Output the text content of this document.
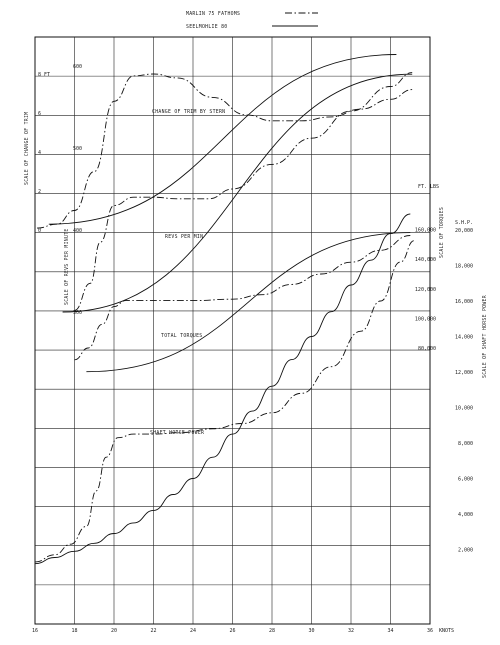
MARLIN 75 FATHOMS
SEELMOHLIE 80
16	18	20	22	24	26	28	30	32	34	36 KNOTS
0
2
4
6
8 FT
300
400
500
600
SCALE OF CHANGE OF TRIM
SCALE OF REVS PER MINUTE
80,000
100,000
120,000
140,000
160,000
2,000
4,000
6,000
8,000
10,000
12,000
14,000
16,000
18,000
20,000
FT. LBS
S.H.P.
SCALE OF TORQUES
SCALE OF SHAFT HORSE POWER
CHANGE OF TRIM BY STERN
REVS PER MIN
TOTAL TORQUES
SHAFT HORSE POWER
